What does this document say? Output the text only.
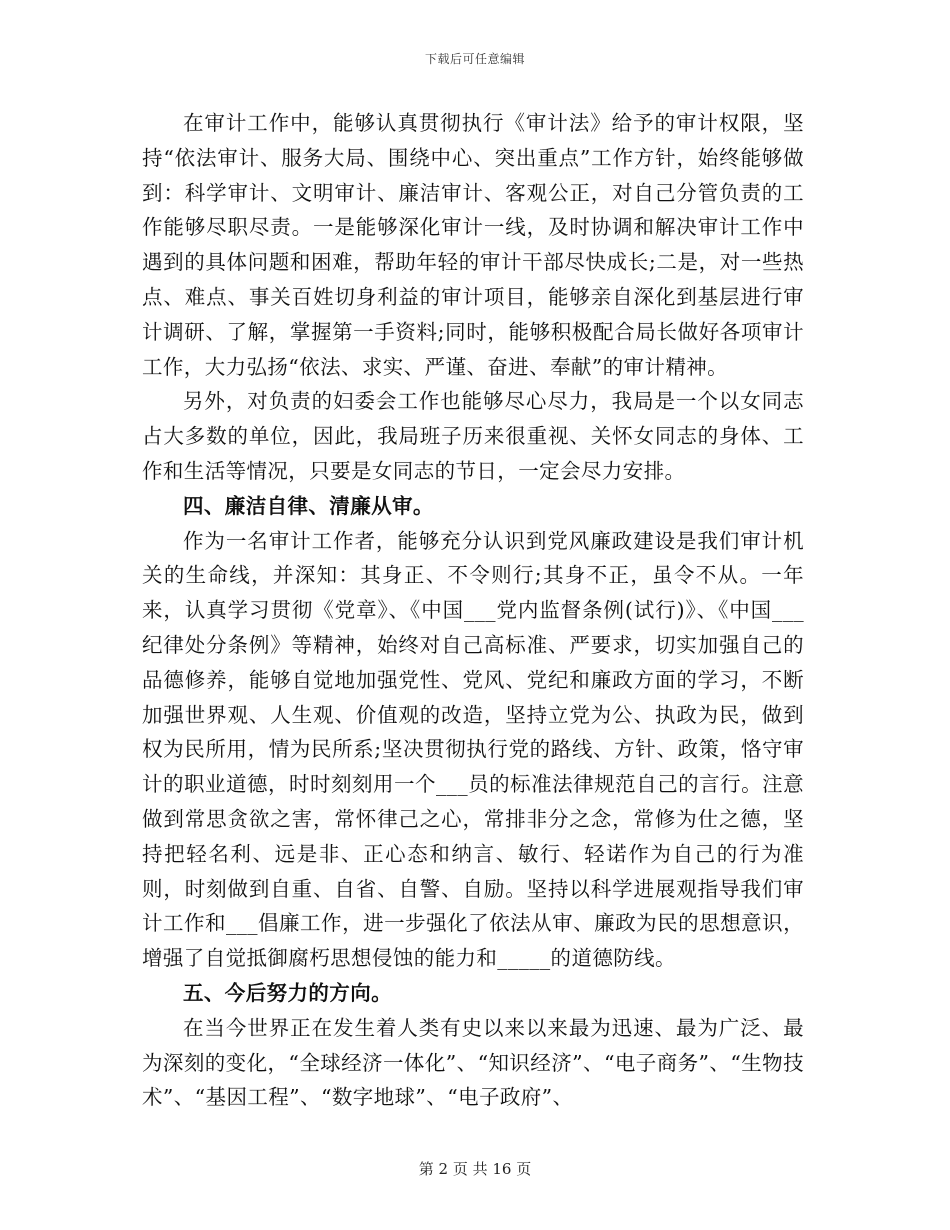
下载后可任意编辑

在审计工作中，能够认真贯彻执行《审计法》给予的审计权限，坚持“依法审计、服务大局、围绕中心、突出重点”工作方针，始终能够做到：科学审计、文明审计、廉洁审计、客观公正，对自己分管负责的工作能够尽职尽责。一是能够深化审计一线，及时协调和解决审计工作中遇到的具体问题和困难，帮助年轻的审计干部尽快成长;二是，对一些热点、难点、事关百姓切身利益的审计项目，能够亲自深化到基层进行审计调研、了解，掌握第一手资料;同时，能够积极配合局长做好各项审计工作，大力弘扬“依法、求实、严谨、奋进、奉献”的审计精神。

另外，对负责的妇委会工作也能够尽心尽力，我局是一个以女同志占大多数的单位，因此，我局班子历来很重视、关怀女同志的身体、工作和生活等情况，只要是女同志的节日，一定会尽力安排。

四、廉洁自律、清廉从审。

作为一名审计工作者，能够充分认识到党风廉政建设是我们审计机关的生命线，并深知：其身正、不令则行;其身不正，虽令不从。一年来，认真学习贯彻《党章》、《中国___党内监督条例(试行)》、《中国___纪律处分条例》等精神，始终对自己高标准、严要求，切实加强自己的品德修养，能够自觉地加强党性、党风、党纪和廉政方面的学习，不断加强世界观、人生观、价值观的改造，坚持立党为公、执政为民，做到权为民所用，情为民所系;坚决贯彻执行党的路线、方针、政策，恪守审计的职业道德，时时刻刻用一个___员的标准法律规范自己的言行。注意做到常思贪欲之害，常怀律己之心，常排非分之念，常修为仕之德，坚持把轻名利、远是非、正心态和纳言、敏行、轻诺作为自己的行为准则，时刻做到自重、自省、自警、自励。坚持以科学进展观指导我们审计工作和___倡廉工作，进一步强化了依法从审、廉政为民的思想意识，增强了自觉抵御腐朽思想侵蚀的能力和_____的道德防线。

五、今后努力的方向。

在当今世界正在发生着人类有史以来以来最为迅速、最为广泛、最为深刻的变化，“全球经济一体化”、“知识经济”、“电子商务”、“生物技术”、“基因工程”、“数字地球”、“电子政府”、

第 2 页 共 16 页
